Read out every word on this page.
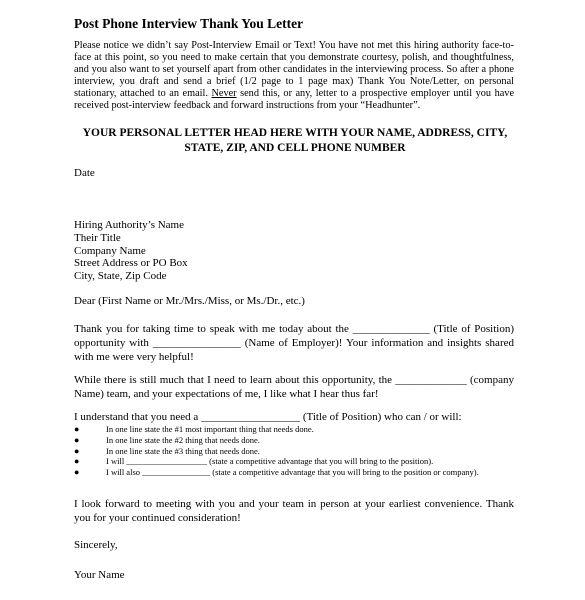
Post Phone Interview Thank You Letter
Please notice we didn’t say Post-Interview Email or Text! You have not met this hiring authority face-to-face at this point, so you need to make certain that you demonstrate courtesy, polish, and thoughtfulness, and you also want to set yourself apart from other candidates in the interviewing process. So after a phone interview, you draft and send a brief (1/2 page to 1 page max) Thank You Note/Letter, on personal stationary, attached to an email. Never send this, or any, letter to a prospective employer until you have received post-interview feedback and forward instructions from your “Headhunter”.
YOUR PERSONAL LETTER HEAD HERE WITH YOUR NAME, ADDRESS, CITY,
STATE, ZIP, AND CELL PHONE NUMBER
Date
Hiring Authority’s Name
Their Title
Company Name
Street Address or PO Box
City, State, Zip Code
Dear (First Name or Mr./Mrs./Miss, or Ms./Dr., etc.)
Thank you for taking time to speak with me today about the ______________ (Title of Position) opportunity with ________________ (Name of Employer)! Your information and insights shared with me were very helpful!
While there is still much that I need to learn about this opportunity, the _____________ (company Name) team, and your expectations of me, I like what I hear thus far!
I understand that you need a __________________ (Title of Position) who can / or will:
●	In one line state the #1 most important thing that needs done.
●	In one line state the #2 thing that needs done.
●	In one line state the #3 thing that needs done.
●	I will ___________________ (state a competitive advantage that you will bring to the position).
●	I will also ________________ (state a competitive advantage that you will bring to the position or company).
I look forward to meeting with you and your team in person at your earliest convenience. Thank you for your continued consideration!
Sincerely,
Your Name
